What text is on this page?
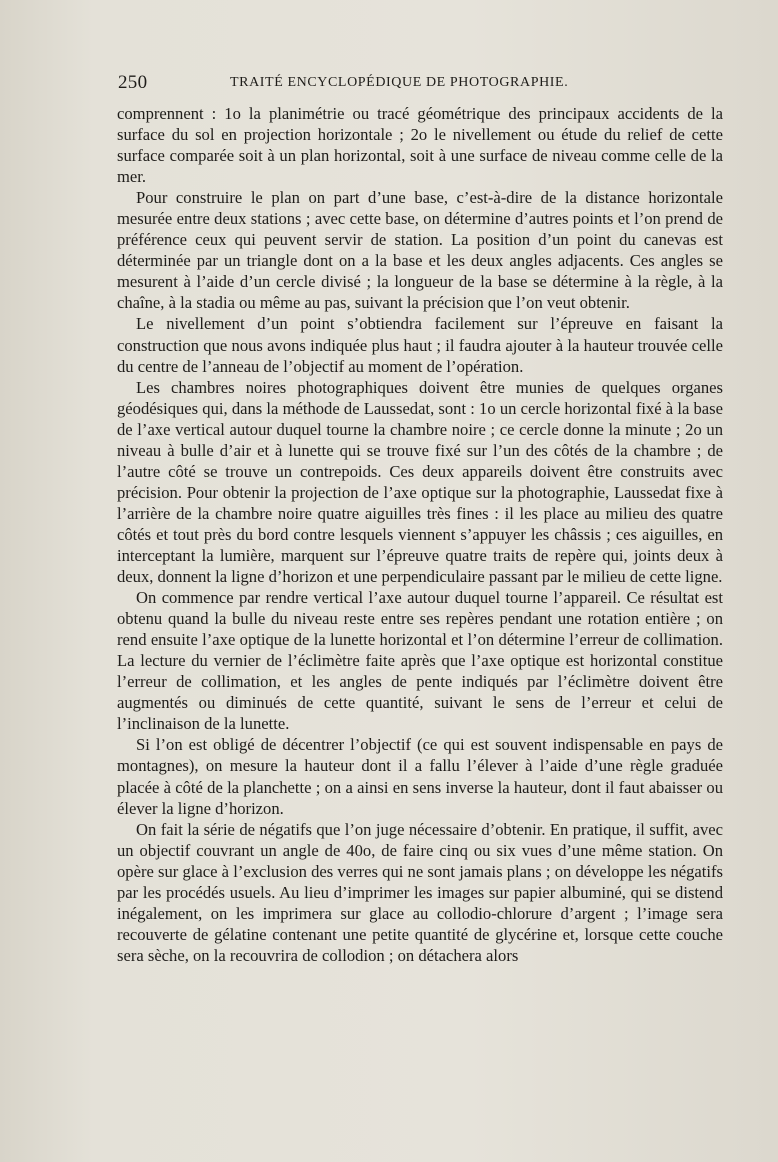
250	TRAITÉ ENCYCLOPÉDIQUE DE PHOTOGRAPHIE.

comprennent : 1o la planimétrie ou tracé géométrique des principaux accidents de la surface du sol en projection horizontale ; 2o le nivellement ou étude du relief de cette surface comparée soit à un plan horizontal, soit à une surface de niveau comme celle de la mer.

Pour construire le plan on part d’une base, c’est-à-dire de la distance horizontale mesurée entre deux stations ; avec cette base, on détermine d’autres points et l’on prend de préférence ceux qui peuvent servir de station. La position d’un point du canevas est déterminée par un triangle dont on a la base et les deux angles adjacents. Ces angles se mesurent à l’aide d’un cercle divisé ; la longueur de la base se détermine à la règle, à la chaîne, à la stadia ou même au pas, suivant la précision que l’on veut obtenir.

Le nivellement d’un point s’obtiendra facilement sur l’épreuve en faisant la construction que nous avons indiquée plus haut ; il faudra ajouter à la hauteur trouvée celle du centre de l’anneau de l’objectif au moment de l’opération.

Les chambres noires photographiques doivent être munies de quelques organes géodésiques qui, dans la méthode de Laussedat, sont : 1o un cercle horizontal fixé à la base de l’axe vertical autour duquel tourne la chambre noire ; ce cercle donne la minute ; 2o un niveau à bulle d’air et à lunette qui se trouve fixé sur l’un des côtés de la chambre ; de l’autre côté se trouve un contrepoids. Ces deux appareils doivent être construits avec précision. Pour obtenir la projection de l’axe optique sur la photographie, Laussedat fixe à l’arrière de la chambre noire quatre aiguilles très fines : il les place au milieu des quatre côtés et tout près du bord contre lesquels viennent s’appuyer les châssis ; ces aiguilles, en interceptant la lumière, marquent sur l’épreuve quatre traits de repère qui, joints deux à deux, donnent la ligne d’horizon et une perpendiculaire passant par le milieu de cette ligne.

On commence par rendre vertical l’axe autour duquel tourne l’appareil. Ce résultat est obtenu quand la bulle du niveau reste entre ses repères pendant une rotation entière ; on rend ensuite l’axe optique de la lunette horizontal et l’on détermine l’erreur de collimation. La lecture du vernier de l’éclimètre faite après que l’axe optique est horizontal constitue l’erreur de collimation, et les angles de pente indiqués par l’éclimètre doivent être augmentés ou diminués de cette quantité, suivant le sens de l’erreur et celui de l’inclinaison de la lunette.

Si l’on est obligé de décentrer l’objectif (ce qui est souvent indispensable en pays de montagnes), on mesure la hauteur dont il a fallu l’élever à l’aide d’une règle graduée placée à côté de la planchette ; on a ainsi en sens inverse la hauteur, dont il faut abaisser ou élever la ligne d’horizon.

On fait la série de négatifs que l’on juge nécessaire d’obtenir. En pratique, il suffit, avec un objectif couvrant un angle de 40o, de faire cinq ou six vues d’une même station. On opère sur glace à l’exclusion des verres qui ne sont jamais plans ; on développe les négatifs par les procédés usuels. Au lieu d’imprimer les images sur papier albuminé, qui se distend inégalement, on les imprimera sur glace au collodio-chlorure d’argent ; l’image sera recouverte de gélatine contenant une petite quantité de glycérine et, lorsque cette couche sera sèche, on la recouvrira de collodion ; on détachera alors
